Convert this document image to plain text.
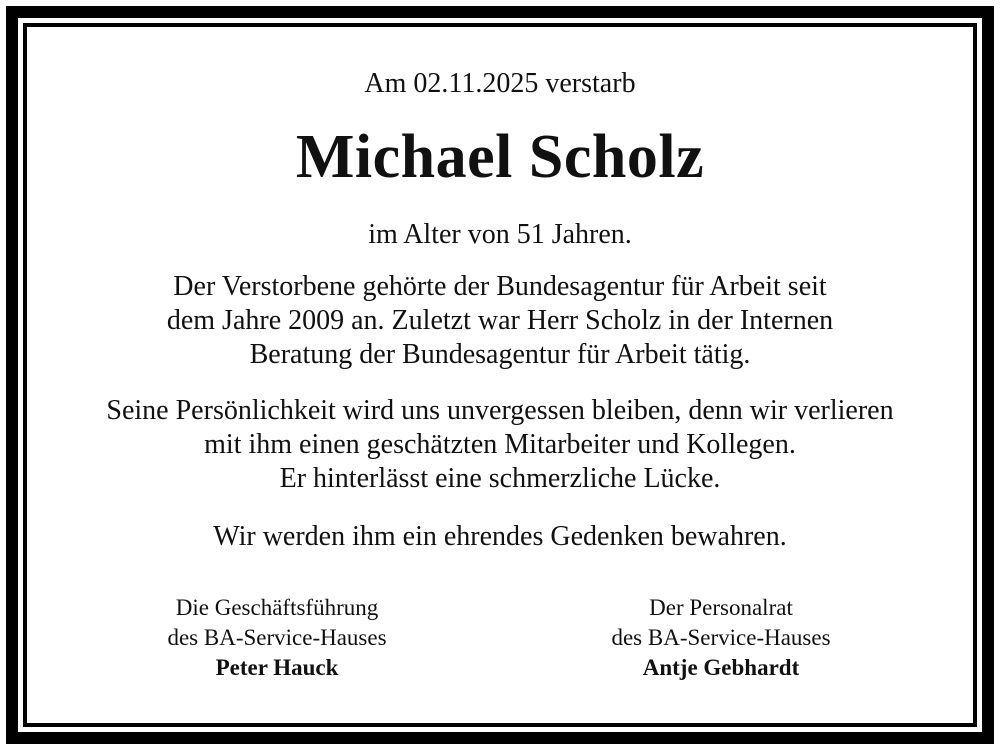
Am 02.11.2025 verstarb

Michael Scholz

im Alter von 51 Jahren.

Der Verstorbene gehörte der Bundesagentur für Arbeit seit
dem Jahre 2009 an. Zuletzt war Herr Scholz in der Internen
Beratung der Bundesagentur für Arbeit tätig.
Seine Persönlichkeit wird uns unvergessen bleiben, denn wir verlieren
mit ihm einen geschätzten Mitarbeiter und Kollegen.
Er hinterlässt eine schmerzliche Lücke.
Wir werden ihm ein ehrendes Gedenken bewahren.
Die Geschäftsführung
des BA-Service-Hauses
Peter Hauck
Der Personalrat
des BA-Service-Hauses
Antje Gebhardt
